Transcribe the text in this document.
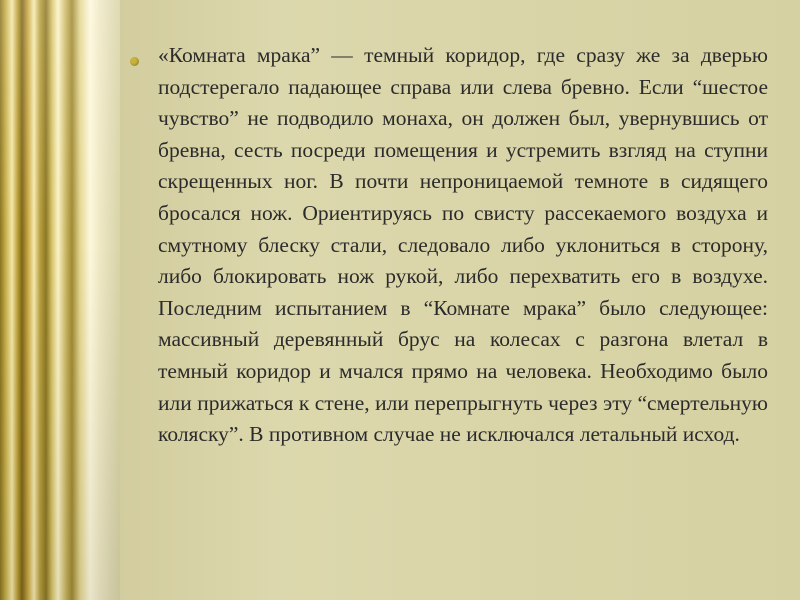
«Комната мрака” — темный коридор, где сразу же за дверью подстерегало падающее справа или слева бревно. Если “шестое чувство” не подводило монаха, он должен был, увернувшись от бревна, сесть посреди помещения и устремить взгляд на ступни скрещенных ног. В почти непроницаемой темноте в сидящего бросался нож. Ориентируясь по свисту рассекаемого воздуха и смутному блеску стали, следовало либо уклониться в сторону, либо блокировать нож рукой, либо перехватить его в воздухе. Последним испытанием в “Комнате мрака” было следующее: массивный деревянный брус на колесах с разгона влетал в темный коридор и мчался прямо на человека. Необходимо было или прижаться к стене, или перепрыгнуть через эту “смертельную коляску”. В противном случае не исключался летальный исход.
